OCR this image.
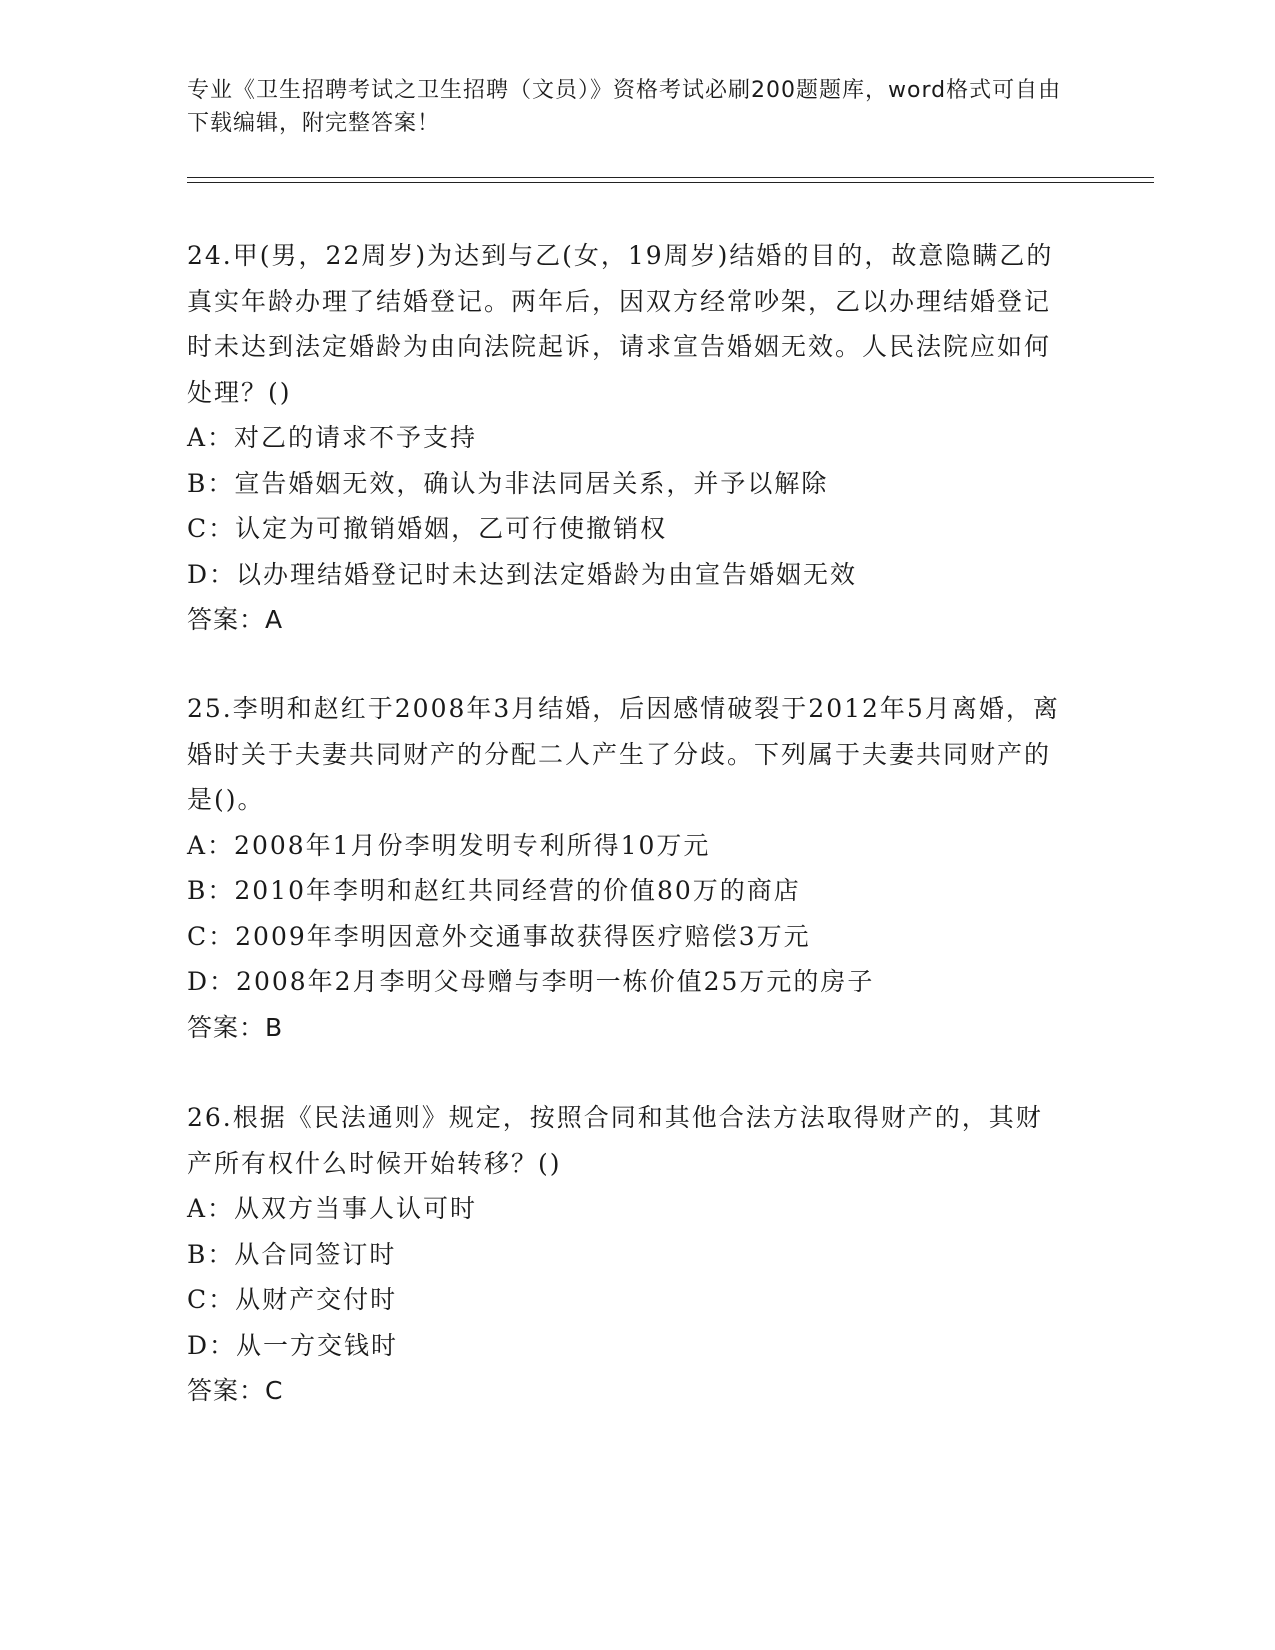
专业《卫生招聘考试之卫生招聘（文员）》资格考试必刷200题题库，word格式可自由下载编辑，附完整答案！
24.甲(男，22周岁)为达到与乙(女，19周岁)结婚的目的，故意隐瞒乙的真实年龄办理了结婚登记。两年后，因双方经常吵架，乙以办理结婚登记时未达到法定婚龄为由向法院起诉，请求宣告婚姻无效。人民法院应如何处理？()
A：对乙的请求不予支持
B：宣告婚姻无效，确认为非法同居关系，并予以解除
C：认定为可撤销婚姻，乙可行使撤销权
D：以办理结婚登记时未达到法定婚龄为由宣告婚姻无效
答案：A
25.李明和赵红于2008年3月结婚，后因感情破裂于2012年5月离婚，离婚时关于夫妻共同财产的分配二人产生了分歧。下列属于夫妻共同财产的是()。
A：2008年1月份李明发明专利所得10万元
B：2010年李明和赵红共同经营的价值80万的商店
C：2009年李明因意外交通事故获得医疗赔偿3万元
D：2008年2月李明父母赠与李明一栋价值25万元的房子
答案：B
26.根据《民法通则》规定，按照合同和其他合法方法取得财产的，其财产所有权什么时候开始转移？()
A：从双方当事人认可时
B：从合同签订时
C：从财产交付时
D：从一方交钱时
答案：C
